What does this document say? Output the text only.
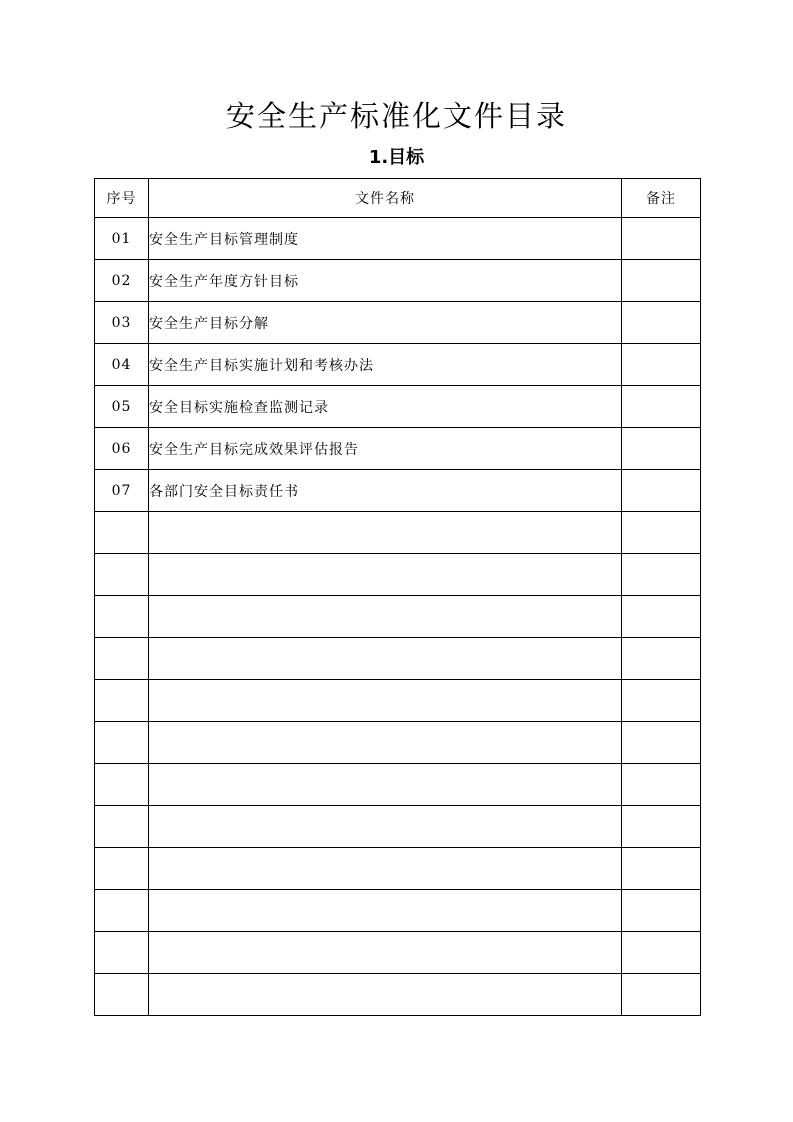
安全生产标准化文件目录
1.目标
序号	文件名称	备注
01	安全生产目标管理制度	
02	安全生产年度方针目标	
03	安全生产目标分解	
04	安全生产目标实施计划和考核办法	
05	安全目标实施检查监测记录	
06	安全生产目标完成效果评估报告	
07	各部门安全目标责任书	
